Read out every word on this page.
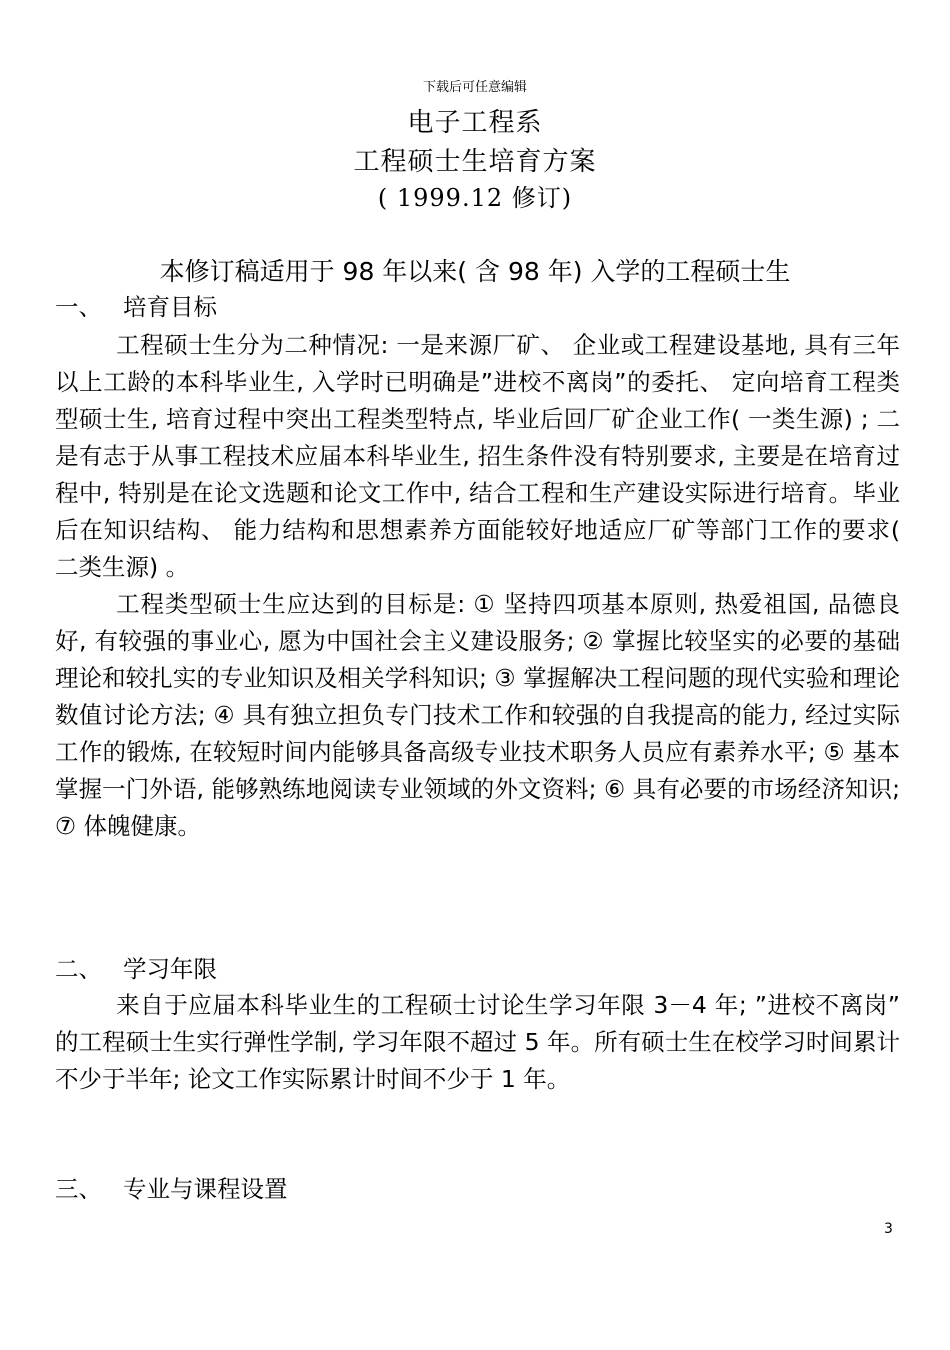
下载后可任意编辑
电子工程系
工程硕士生培育方案
( 1999.12 修订)
本修订稿适用于 98 年以来( 含 98 年) 入学的工程硕士生
一、 培育目标

工程硕士生分为二种情况: 一是来源厂矿、 企业或工程建设基地, 具有三年以上工龄的本科毕业生, 入学时已明确是”进校不离岗”的委托、 定向培育工程类型硕士生, 培育过程中突出工程类型特点, 毕业后回厂矿企业工作( 一类生源) ; 二是有志于从事工程技术应届本科毕业生, 招生条件没有特别要求, 主要是在培育过程中, 特别是在论文选题和论文工作中, 结合工程和生产建设实际进行培育。毕业后在知识结构、 能力结构和思想素养方面能较好地适应厂矿等部门工作的要求( 二类生源) 。

工程类型硕士生应达到的目标是: ① 坚持四项基本原则, 热爱祖国, 品德良好, 有较强的事业心, 愿为中国社会主义建设服务; ② 掌握比较坚实的必要的基础理论和较扎实的专业知识及相关学科知识; ③ 掌握解决工程问题的现代实验和理论数值讨论方法; ④ 具有独立担负专门技术工作和较强的自我提高的能力, 经过实际工作的锻炼, 在较短时间内能够具备高级专业技术职务人员应有素养水平; ⑤ 基本掌握一门外语, 能够熟练地阅读专业领域的外文资料; ⑥ 具有必要的市场经济知识; ⑦ 体魄健康。

二、 学习年限

来自于应届本科毕业生的工程硕士讨论生学习年限 3－4 年; ”进校不离岗” 的工程硕士生实行弹性学制, 学习年限不超过 5 年。所有硕士生在校学习时间累计不少于半年; 论文工作实际累计时间不少于 1 年。

三、 专业与课程设置
3
